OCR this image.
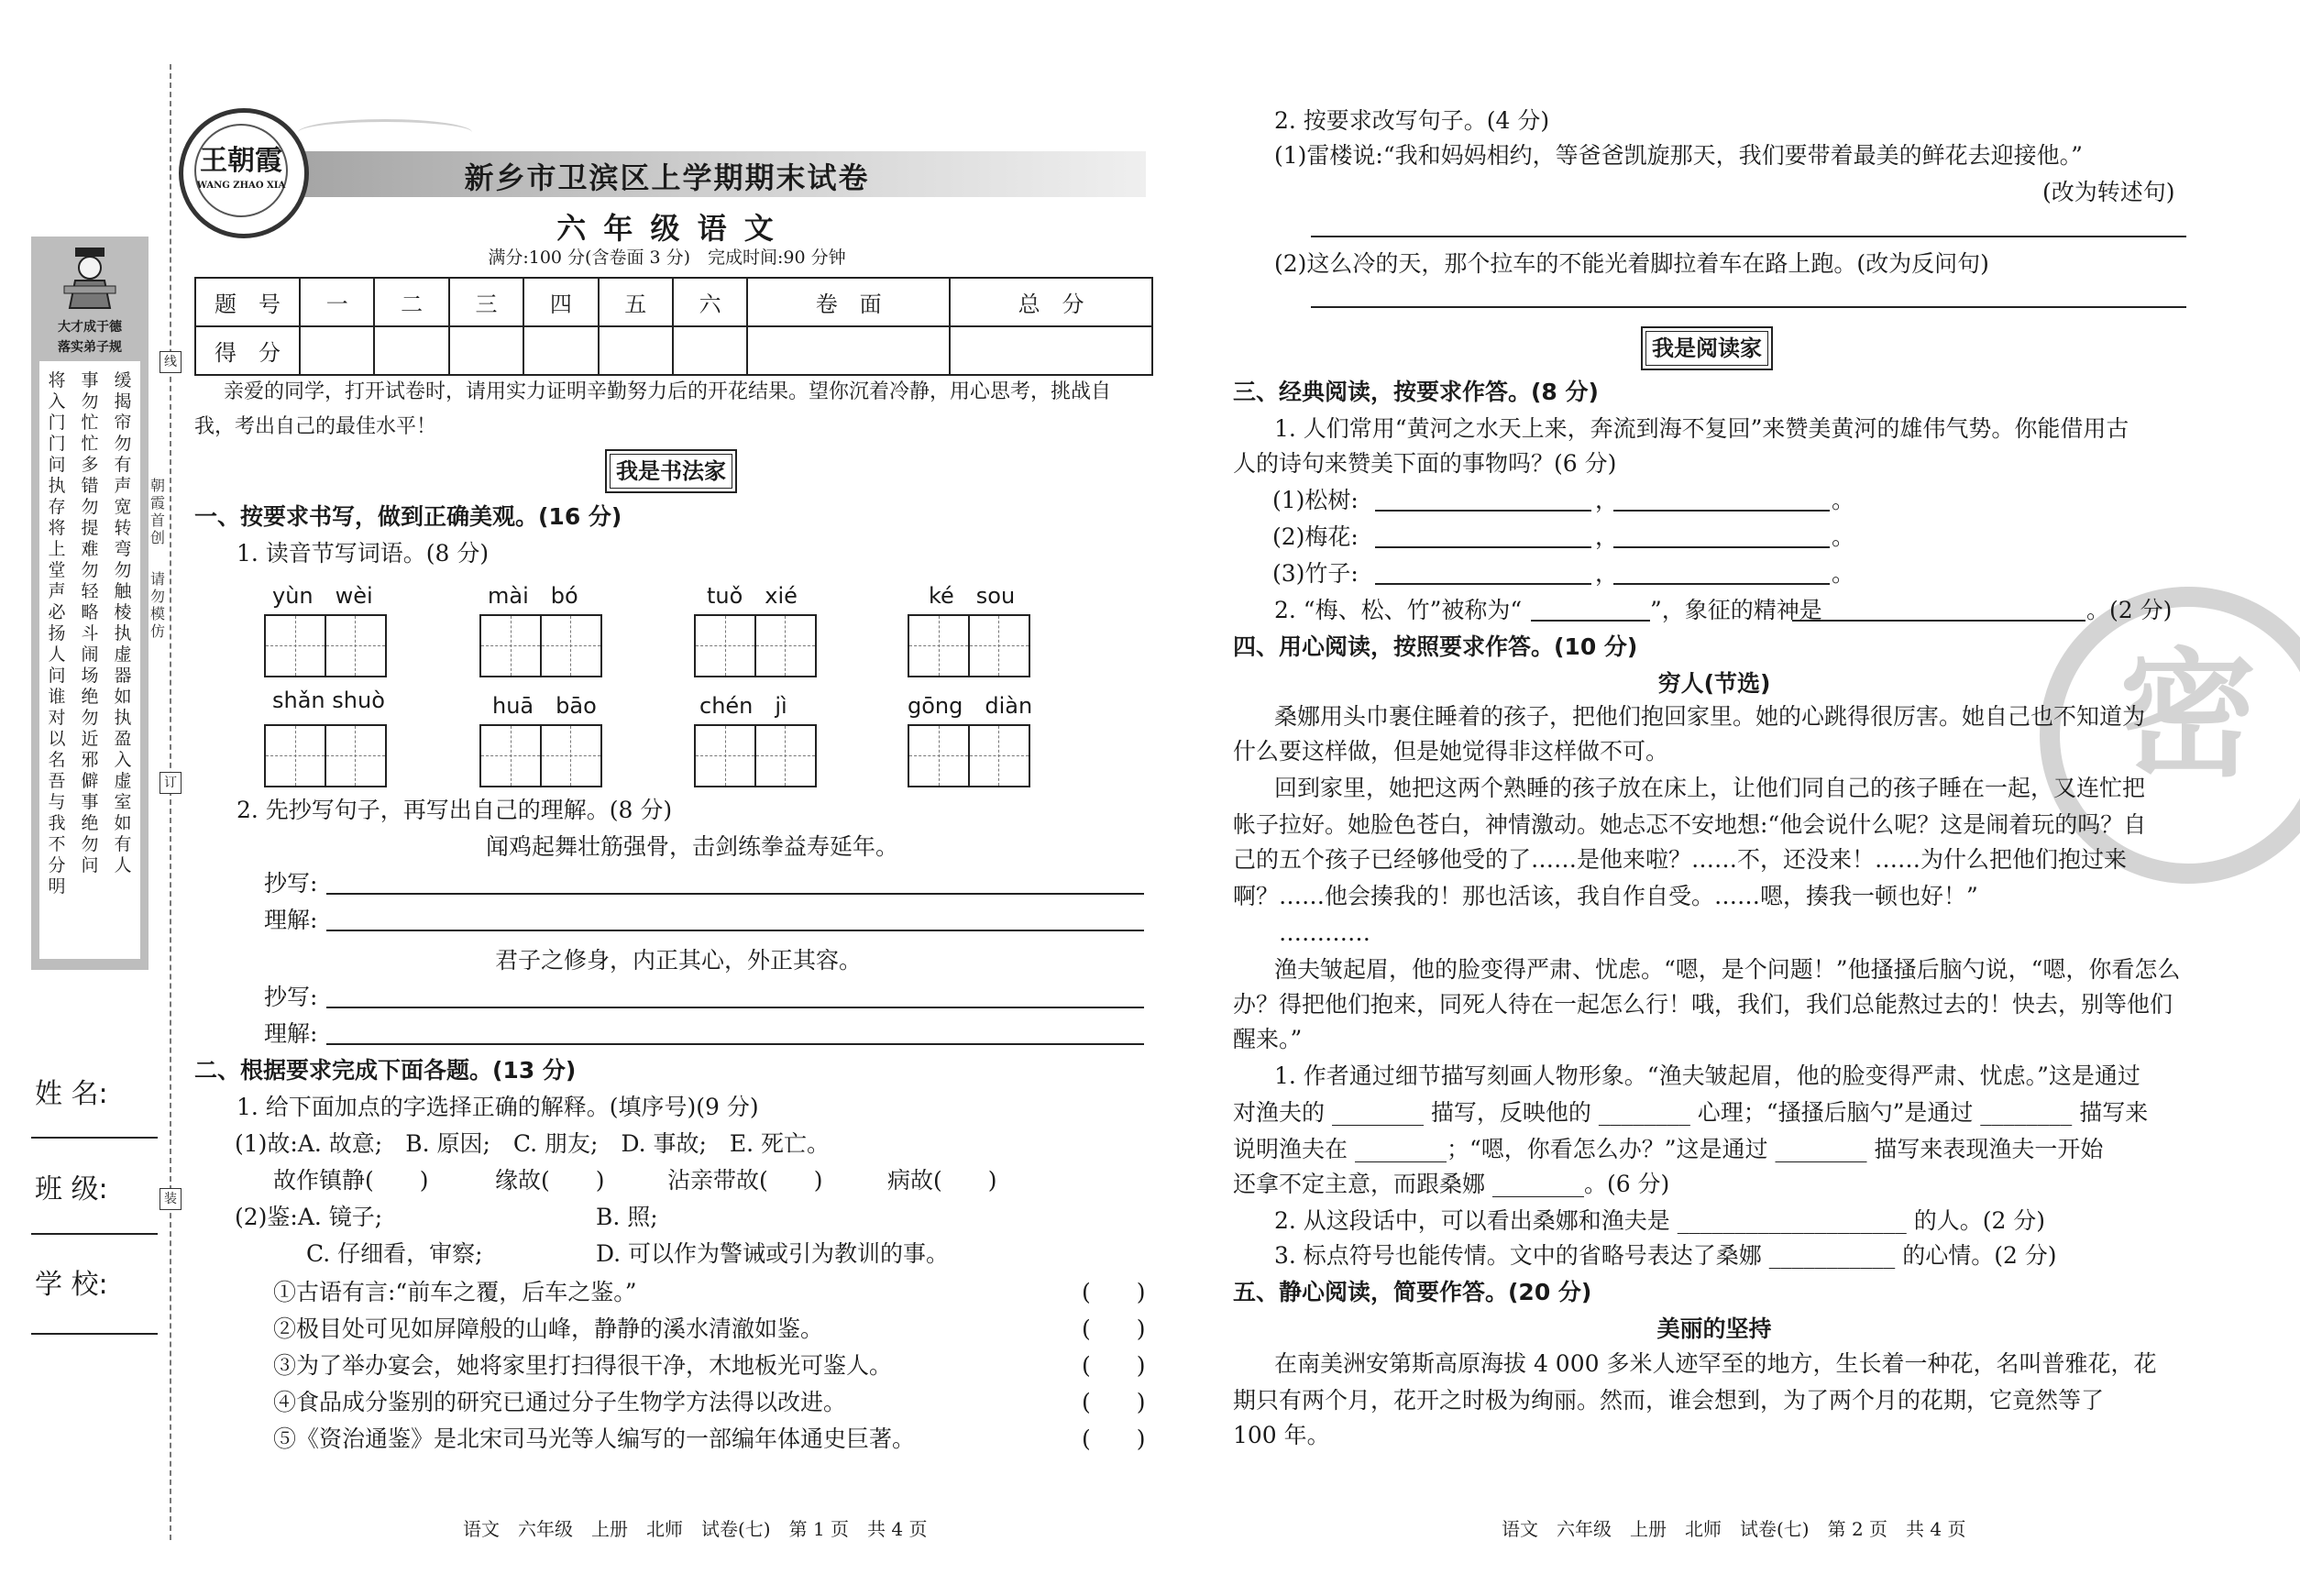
大才成于德
落实弟子规
将入门门
问执存
将上堂
声必扬
人问谁
对以名
吾与我
不分明
事勿忙
忙多错
勿提难
勿轻略
斗闹场
绝勿近
邪僻事
绝勿问
缓揭帘
勿有声
宽转弯
勿触棱
执虚器
如执盈
入虚室
如有人
线
朝霞首创
请勿模仿
订
装
姓 名:
班 级:
学 校:
新乡市卫滨区上学期期末试卷
王朝霞
WANG ZHAO XIA
六 年 级 语 文
满分:100 分(含卷面 3 分)　完成时间:90 分钟
题　号	一	二	三	四	五	六	卷　面	总　分
得　分								
亲爱的同学，打开试卷时，请用实力证明辛勤努力后的开花结果。望你沉着冷静，用心思考，挑战自
我，考出自己的最佳水平！
我是书法家
一、按要求书写，做到正确美观。(16 分)
1. 读音节写词语。(8 分)
yùn　wèi	mài　bó	tuǒ　xié	ké　sou
shǎn shuò	huā　bāo	chén　jì	gōng　diàn
2. 先抄写句子，再写出自己的理解。(8 分)
闻鸡起舞壮筋强骨，击剑练拳益寿延年。
抄写:
理解:
君子之修身，内正其心，外正其容。
抄写:
理解:
二、根据要求完成下面各题。(13 分)
1. 给下面加点的字选择正确的解释。(填序号)(9 分)
(1)故:A. 故意;　B. 原因;　C. 朋友;　D. 事故;　E. 死亡。
故作镇静(　　)	缘故(　　)	沾亲带故(　　)	病故(　　)
(2)鉴:A. 镜子;	B. 照;
C. 仔细看，审察;	D. 可以作为警诫或引为教训的事。
①古语有言:“前车之覆，后车之鉴。”	(　　)
②极目处可见如屏障般的山峰，静静的溪水清澈如鉴。	(　　)
③为了举办宴会，她将家里打扫得很干净，木地板光可鉴人。	(　　)
④食品成分鉴别的研究已通过分子生物学方法得以改进。	(　　)
⑤《资治通鉴》是北宋司马光等人编写的一部编年体通史巨著。	(　　)
语文　六年级　上册　北师　试卷(七)　第 1 页　共 4 页
密
2. 按要求改写句子。(4 分)
(1)雷楼说:“我和妈妈相约，等爸爸凯旋那天，我们要带着最美的鲜花去迎接他。”
(改为转述句)
(2)这么冷的天，那个拉车的不能光着脚拉着车在路上跑。(改为反问句)
我是阅读家
三、经典阅读，按要求作答。(8 分)
1. 人们常用“黄河之水天上来，奔流到海不复回”来赞美黄河的雄伟气势。你能借用古
人的诗句来赞美下面的事物吗？(6 分)
(1)松树:	，	。
(2)梅花:	，	。
(3)竹子:	，	。
2. “梅、松、竹”被称为“	”，象征的精神是	。(2 分)
四、用心阅读，按照要求作答。(10 分)
穷人(节选)
桑娜用头巾裹住睡着的孩子，把他们抱回家里。她的心跳得很厉害。她自己也不知道为
什么要这样做，但是她觉得非这样做不可。
回到家里，她把这两个熟睡的孩子放在床上，让他们同自己的孩子睡在一起，又连忙把
帐子拉好。她脸色苍白，神情激动。她忐忑不安地想:“他会说什么呢？这是闹着玩的吗？自
己的五个孩子已经够他受的了……是他来啦？……不，还没来！……为什么把他们抱过来
啊？……他会揍我的！那也活该，我自作自受。……嗯，揍我一顿也好！”
…………
渔夫皱起眉，他的脸变得严肃、忧虑。“嗯，是个问题！”他搔搔后脑勺说，“嗯，你看怎么
办？得把他们抱来，同死人待在一起怎么行！哦，我们，我们总能熬过去的！快去，别等他们
醒来。”
1. 作者通过细节描写刻画人物形象。“渔夫皱起眉，他的脸变得严肃、忧虑。”这是通过
对渔夫的 ________ 描写，反映他的 ________ 心理；“搔搔后脑勺”是通过 ________ 描写来
说明渔夫在 ________；“嗯，你看怎么办？”这是通过 ________ 描写来表现渔夫一开始
还拿不定主意，而跟桑娜 ________。(6 分)
2. 从这段话中，可以看出桑娜和渔夫是 ____________________ 的人。(2 分)
3. 标点符号也能传情。文中的省略号表达了桑娜 ___________ 的心情。(2 分)
五、静心阅读，简要作答。(20 分)
美丽的坚持
在南美洲安第斯高原海拔 4 000 多米人迹罕至的地方，生长着一种花，名叫普雅花，花
期只有两个月，花开之时极为绚丽。然而，谁会想到，为了两个月的花期，它竟然等了
100 年。
语文　六年级　上册　北师　试卷(七)　第 2 页　共 4 页
